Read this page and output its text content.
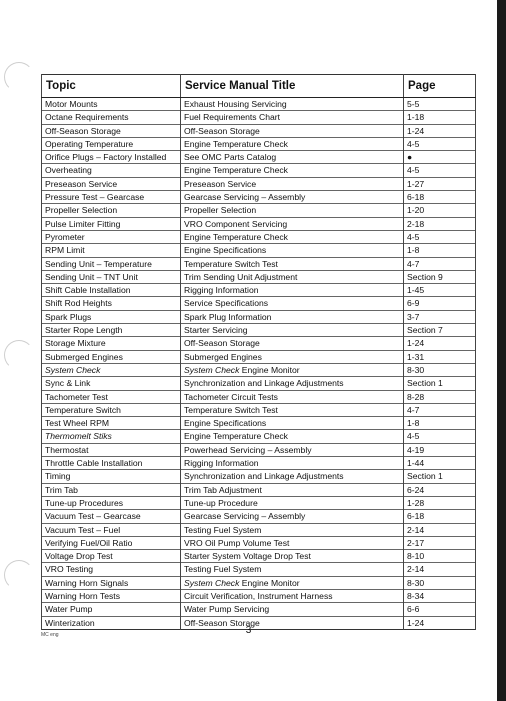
Topic	Service Manual Title	Page
Motor Mounts	Exhaust Housing Servicing	5-5
Octane Requirements	Fuel Requirements Chart	1-18
Off-Season Storage	Off-Season Storage	1-24
Operating Temperature	Engine Temperature Check	4-5
Orifice Plugs – Factory Installed	See OMC Parts Catalog	●
Overheating	Engine Temperature Check	4-5
Preseason Service	Preseason Service	1-27
Pressure Test – Gearcase	Gearcase Servicing – Assembly	6-18
Propeller Selection	Propeller Selection	1-20
Pulse Limiter Fitting	VRO Component Servicing	2-18
Pyrometer	Engine Temperature Check	4-5
RPM Limit	Engine Specifications	1-8
Sending Unit – Temperature	Temperature Switch Test	4-7
Sending Unit – TNT Unit	Trim Sending Unit Adjustment	Section 9
Shift Cable Installation	Rigging Information	1-45
Shift Rod Heights	Service Specifications	6-9
Spark Plugs	Spark Plug Information	3-7
Starter Rope Length	Starter Servicing	Section 7
Storage Mixture	Off-Season Storage	1-24
Submerged Engines	Submerged Engines	1-31
System Check	System Check Engine Monitor	8-30
Sync & Link	Synchronization and Linkage Adjustments	Section 1
Tachometer Test	Tachometer Circuit Tests	8-28
Temperature Switch	Temperature Switch Test	4-7
Test Wheel RPM	Engine Specifications	1-8
Thermomelt Stiks	Engine Temperature Check	4-5
Thermostat	Powerhead Servicing – Assembly	4-19
Throttle Cable Installation	Rigging Information	1-44
Timing	Synchronization and Linkage Adjustments	Section 1
Trim Tab	Trim Tab Adjustment	6-24
Tune-up Procedures	Tune-up Procedure	1-28
Vacuum Test – Gearcase	Gearcase Servicing – Assembly	6-18
Vacuum Test – Fuel	Testing Fuel System	2-14
Verifying Fuel/Oil Ratio	VRO Oil Pump Volume Test	2-17
Voltage Drop Test	Starter System Voltage Drop Test	8-10
VRO Testing	Testing Fuel System	2-14
Warning Horn Signals	System Check Engine Monitor	8-30
Warning Horn Tests	Circuit Verification, Instrument Harness	8-34
Water Pump	Water Pump Servicing	6-6
Winterization	Off-Season Storage	1-24
MC eng	3
